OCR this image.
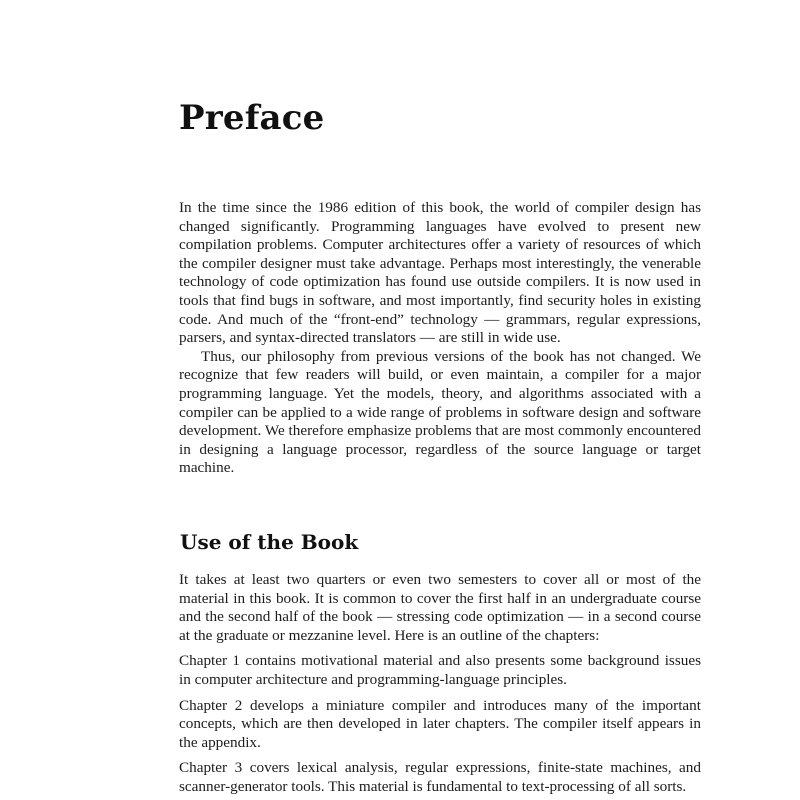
Preface

In the time since the 1986 edition of this book, the world of compiler design has changed significantly. Programming languages have evolved to present new compilation problems. Computer architectures offer a variety of resources of which the compiler designer must take advantage. Perhaps most interestingly, the venerable technology of code optimization has found use outside compilers. It is now used in tools that find bugs in software, and most importantly, find security holes in existing code. And much of the “front-end” technology — grammars, regular expressions, parsers, and syntax-directed translators — are still in wide use.

Thus, our philosophy from previous versions of the book has not changed. We recognize that few readers will build, or even maintain, a compiler for a major programming language. Yet the models, theory, and algorithms associated with a compiler can be applied to a wide range of problems in software design and software development. We therefore emphasize problems that are most commonly encountered in designing a language processor, regardless of the source language or target machine.

Use of the Book

It takes at least two quarters or even two semesters to cover all or most of the material in this book. It is common to cover the first half in an undergraduate course and the second half of the book — stressing code optimization — in a second course at the graduate or mezzanine level. Here is an outline of the chapters:

Chapter 1 contains motivational material and also presents some background issues in computer architecture and programming-language principles.

Chapter 2 develops a miniature compiler and introduces many of the important concepts, which are then developed in later chapters. The compiler itself appears in the appendix.

Chapter 3 covers lexical analysis, regular expressions, finite-state machines, and scanner-generator tools. This material is fundamental to text-processing of all sorts.
